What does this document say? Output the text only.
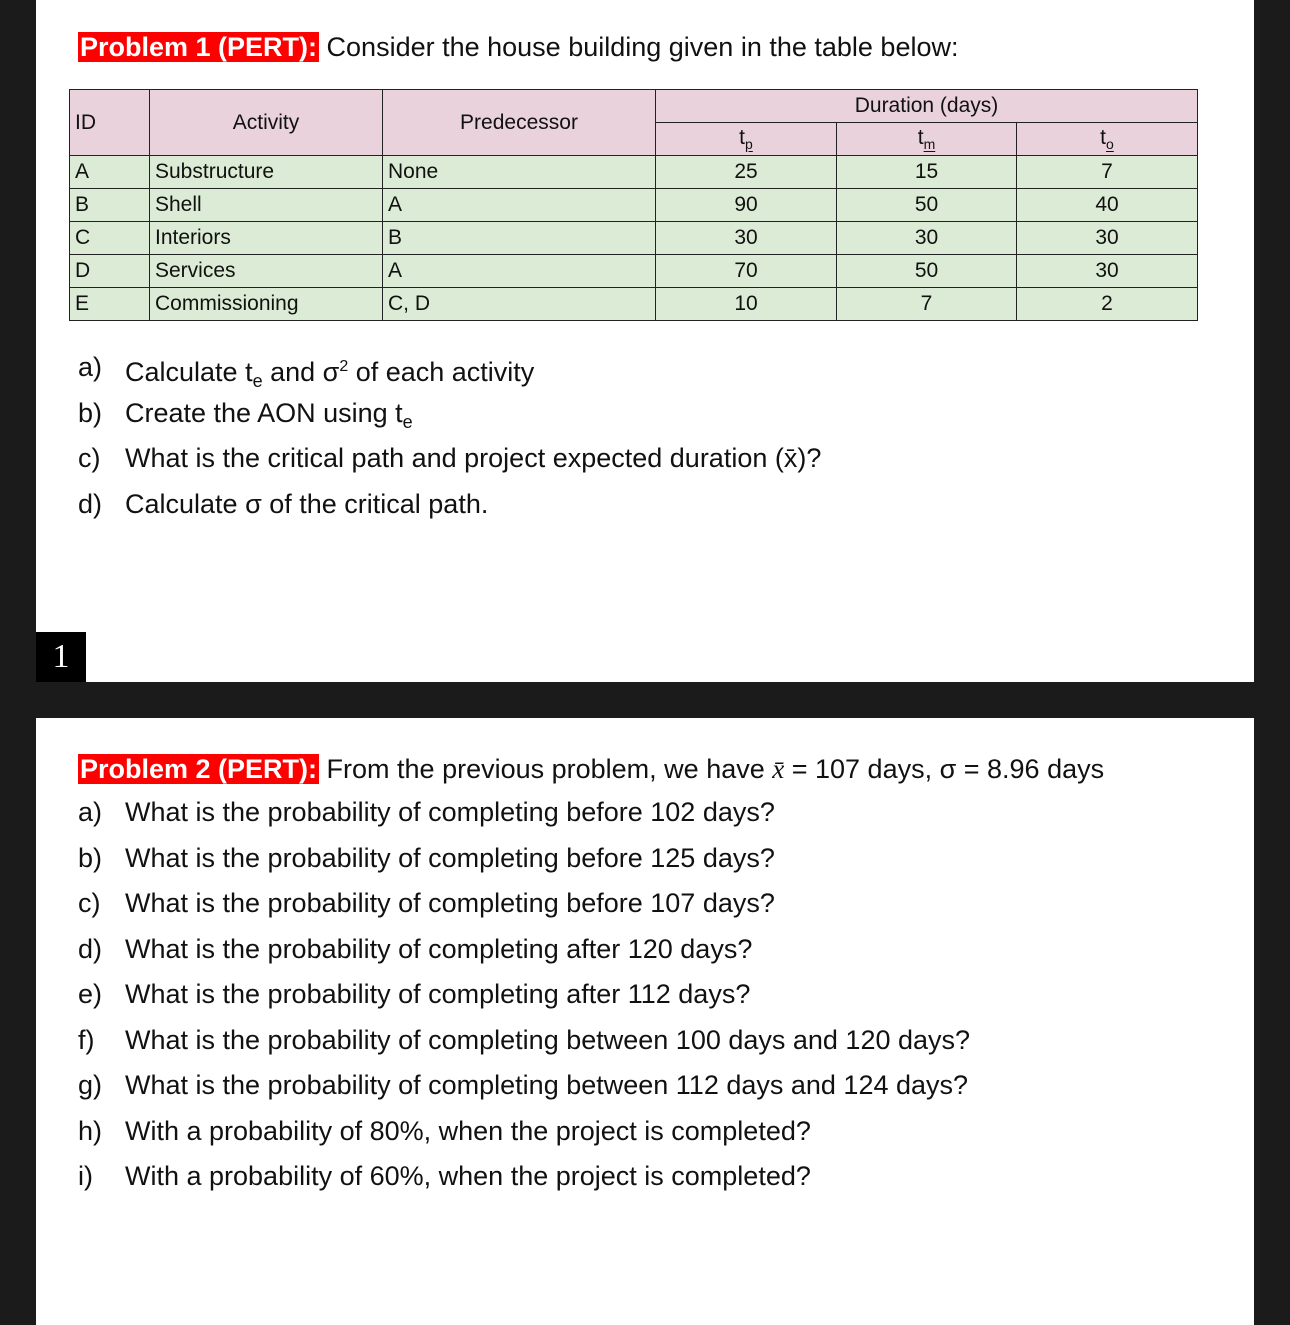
Problem 1 (PERT): Consider the house building given in the table below:
ID	Activity	Predecessor	Duration (days)		
			$t_p$	$t_m$	$t_o$
A	Substructure	None	25	15	7
B	Shell	A	90	50	40
C	Interiors	B	30	30	30
D	Services	A	70	50	30
E	Commissioning	C, D	10	7	2
a) Calculate $t_e$ and $\sigma^2$ of each activity
b) Create the AON using $t_e$
c) What is the critical path and project expected duration (x̄)?
d) Calculate σ of the critical path.
1
Problem 2 (PERT): From the previous problem, we have x̄ = 107 days, σ = 8.96 days
a) What is the probability of completing before 102 days?
b) What is the probability of completing before 125 days?
c) What is the probability of completing before 107 days?
d) What is the probability of completing after 120 days?
e) What is the probability of completing after 112 days?
f)	What is the probability of completing between 100 days and 120 days?
g) What is the probability of completing between 112 days and 124 days?
h) With a probability of 80%, when the project is completed?
i)	With a probability of 60%, when the project is completed?
